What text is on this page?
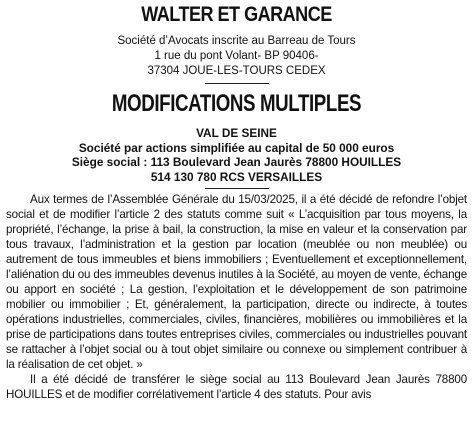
WALTER ET GARANCE
Société d’Avocats inscrite au Barreau de Tours
1 rue du pont Volant- BP 90406-
37304 JOUE-LES-TOURS CEDEX
MODIFICATIONS MULTIPLES
VAL DE SEINE
Société par actions simplifiée au capital de 50 000 euros
Siège social : 113 Boulevard Jean Jaurès 78800 HOUILLES
514 130 780 RCS VERSAILLES

Aux termes de l’Assemblée Générale du 15/03/2025, il a été décidé de refondre l’objet social et de modifier l’article 2 des statuts comme suit « L’acquisition par tous moyens, la propriété, l’échange, la prise à bail, la construction, la mise en valeur et la conservation par tous travaux, l’administration et la gestion par location (meublée ou non meublée) ou autrement de tous immeubles et biens immobiliers ; Eventuellement et exceptionnellement, l’aliénation du ou des immeubles devenus inutiles à la Société, au moyen de vente, échange ou apport en société ; La gestion, l’exploitation et le développement de son patrimoine mobilier ou immobilier ; Et, généralement, la participation, directe ou indirecte, à toutes opérations industrielles, commerciales, civiles, financières, mobilières ou immobilières et la prise de participations dans toutes entreprises civiles, commerciales ou industrielles pouvant se rattacher à l’objet social ou à tout objet similaire ou connexe ou simplement contribuer à la réalisation de cet objet. »

Il a été décidé de transférer le siège social au 113 Boulevard Jean Jaurès 78800 HOUILLES et de modifier corrélativement l’article 4 des statuts. Pour avis
